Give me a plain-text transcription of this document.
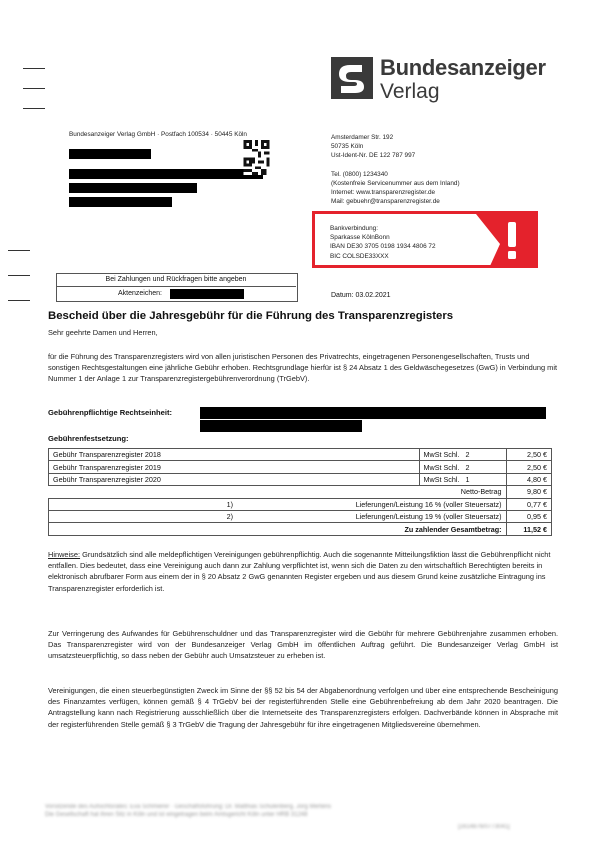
Bundesanzeiger
Verlag
Bundesanzeiger Verlag GmbH · Postfach 100534 · 50445 Köln	Amsterdamer Str. 192
50735 Köln
Ust-Ident-Nr. DE 122 787 997
Tel. (0800) 1234340
(Kostenfreie Servicenummer aus dem Inland)
Internet: www.transparenzregister.de
Mail: gebuehr@transparenzregister.de
Bankverbindung:
Sparkasse KölnBonn
IBAN DE30 3705 0198 1934 4806 72
BIC COLSDE33XXX
Bei Zahlungen und Rückfragen bitte angeben
Aktenzeichen:	Datum: 03.02.2021
Bescheid über die Jahresgebühr für die Führung des Transparenzregisters
Sehr geehrte Damen und Herren,
für die Führung des Transparenzregisters wird von allen juristischen Personen des Privatrechts, eingetragenen Personengesellschaften, Trusts und sonstigen Rechtsgestaltungen eine jährliche Gebühr erhoben. Rechtsgrundlage hierfür ist § 24 Absatz 1 des Geldwäschegesetzes (GwG) in Verbindung mit Nummer 1 der Anlage 1 zur Transparenzregistergebührenverordnung (TrGebV).
Gebührenpflichtige Rechtseinheit:
Gebührenfestsetzung:
Gebühr Transparenzregister 2018		MwSt Schl. 2	2,50 €
Gebühr Transparenzregister 2019		MwSt Schl. 2	2,50 €
Gebühr Transparenzregister 2020		MwSt Schl. 1	4,80 €
Netto-Betrag			9,80 €
1)	Lieferungen/Leistung 16 % (voller Steuersatz)		0,77 €
2)	Lieferungen/Leistung 19 % (voller Steuersatz)		0,95 €
Zu zahlender Gesamtbetrag:			11,52 €
Hinweise: Grundsätzlich sind alle meldepflichtigen Vereinigungen gebührenpflichtig. Auch die sogenannte Mitteilungsfiktion lässt die Gebührenpflicht nicht entfallen. Dies bedeutet, dass eine Vereinigung auch dann zur Zahlung verpflichtet ist, wenn sich die Daten zu den wirtschaftlich Berechtigten bereits in elektronisch abrufbarer Form aus einem der in § 20 Absatz 2 GwG genannten Register ergeben und aus diesem Grund keine zusätzliche Eintragung ins Transparenzregister erforderlich ist.
Zur Verringerung des Aufwandes für Gebührenschuldner und das Transparenzregister wird die Gebühr für mehrere Gebührenjahre zusammen erhoben. Das Transparenzregister wird von der Bundesanzeiger Verlag GmbH im öffentlichen Auftrag geführt. Die Bundesanzeiger Verlag GmbH ist umsatzsteuerpflichtig, so dass neben der Gebühr auch Umsatzsteuer zu erheben ist.
Vereinigungen, die einen steuerbegünstigten Zweck im Sinne der §§ 52 bis 54 der Abgabenordnung verfolgen und über eine entsprechende Bescheinigung des Finanzamtes verfügen, können gemäß § 4 TrGebV bei der registerführenden Stelle eine Gebührenbefreiung ab dem Jahr 2020 beantragen. Die Antragstellung kann nach Registrierung ausschließlich über die Internetseite des Transparenzregisters erfolgen. Dachverbände können in Absprache mit der registerführenden Stelle gemäß § 3 TrGebV die Tragung der Jahresgebühr für ihre eingetragenen Mitgliedsvereine übernehmen.
Vorsitzende des Aufsichtsrates: Eva Schmierer · Geschäftsführung: Dr. Matthias Schulenberg, Jörg Mertens
Die Gesellschaft hat ihren Sitz in Köln und ist eingetragen beim Amtsgericht Köln unter HRB 31248
[1614876/0773041]
